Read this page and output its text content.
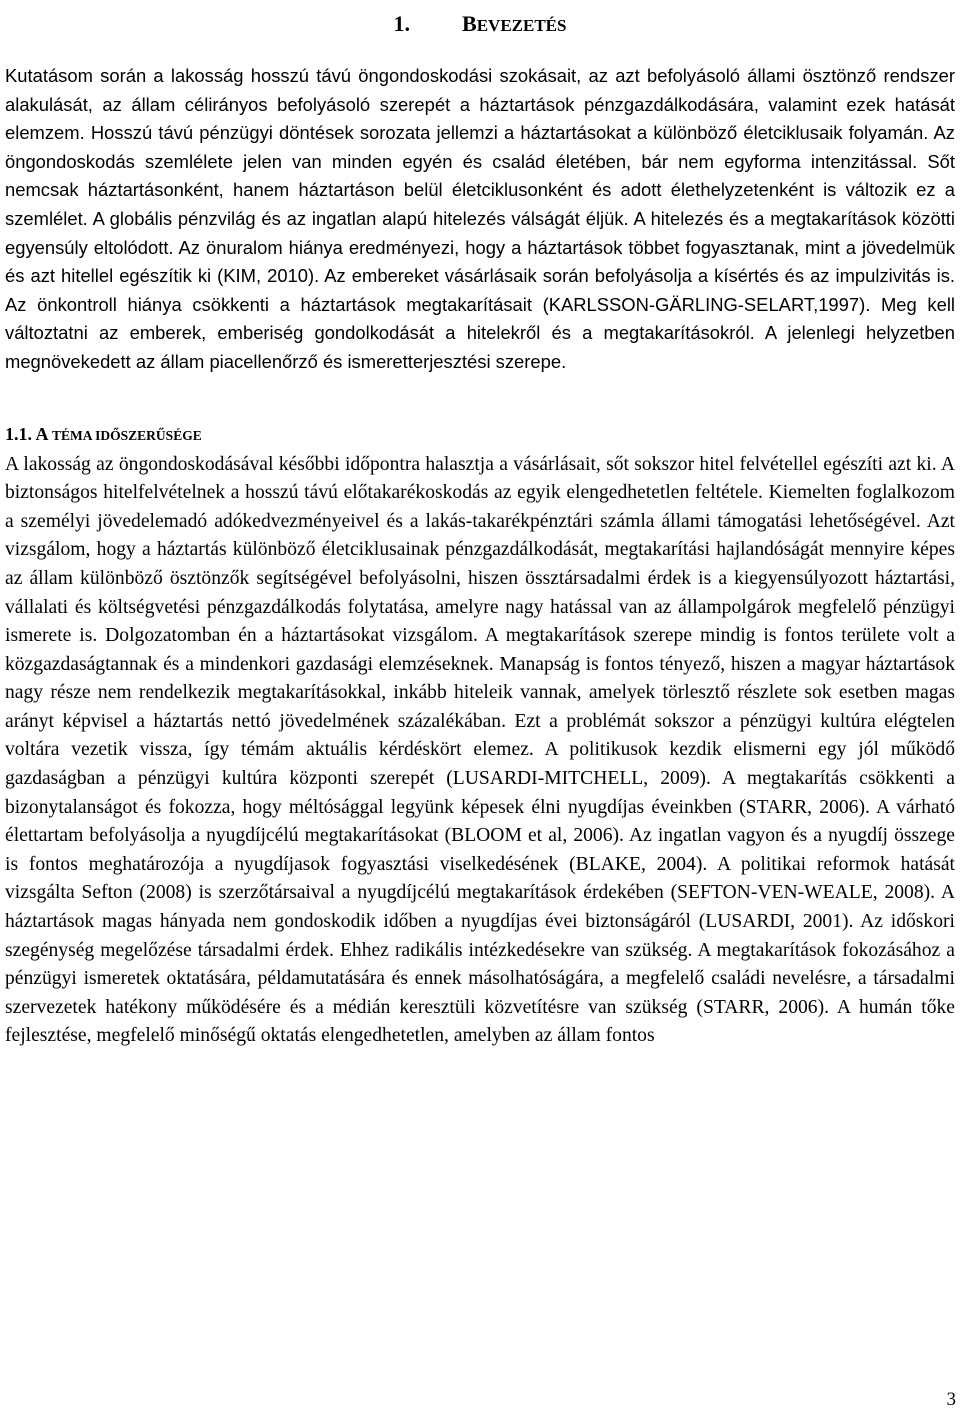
1. BEVEZETÉS

Kutatásom során a lakosság hosszú távú öngondoskodási szokásait, az azt befolyásoló állami ösztönző rendszer alakulását, az állam célirányos befolyásoló szerepét a háztartások pénzgazdálkodására, valamint ezek hatását elemzem. Hosszú távú pénzügyi döntések sorozata jellemzi a háztartásokat a különböző életciklusaik folyamán. Az öngondoskodás szemlélete jelen van minden egyén és család életében, bár nem egyforma intenzitással. Sőt nemcsak háztartásonként, hanem háztartáson belül életciklusonként és adott élethelyzetenként is változik ez a szemlélet. A globális pénzvilág és az ingatlan alapú hitelezés válságát éljük. A hitelezés és a megtakarítások közötti egyensúly eltolódott. Az önuralom hiánya eredményezi, hogy a háztartások többet fogyasztanak, mint a jövedelmük és azt hitellel egészítik ki (KIM, 2010). Az embereket vásárlásaik során befolyásolja a kísértés és az impulzivitás is. Az önkontroll hiánya csökkenti a háztartások megtakarításait (KARLSSON-GÄRLING-SELART,1997). Meg kell változtatni az emberek, emberiség gondolkodását a hitelekről és a megtakarításokról. A jelenlegi helyzetben megnövekedett az állam piacellenőrző és ismeretterjesztési szerepe.

1.1. A TÉMA IDŐSZERŰSÉGE

A lakosság az öngondoskodásával későbbi időpontra halasztja a vásárlásait, sőt sokszor hitel felvétellel egészíti azt ki. A biztonságos hitelfelvételnek a hosszú távú előtakarékoskodás az egyik elengedhetetlen feltétele. Kiemelten foglalkozom a személyi jövedelemadó adókedvezményeivel és a lakás-takarékpénztári számla állami támogatási lehetőségével. Azt vizsgálom, hogy a háztartás különböző életciklusainak pénzgazdálkodását, megtakarítási hajlandóságát mennyire képes az állam különböző ösztönzők segítségével befolyásolni, hiszen össztársadalmi érdek is a kiegyensúlyozott háztartási, vállalati és költségvetési pénzgazdálkodás folytatása, amelyre nagy hatással van az állampolgárok megfelelő pénzügyi ismerete is. Dolgozatomban én a háztartásokat vizsgálom. A megtakarítások szerepe mindig is fontos területe volt a közgazdaságtannak és a mindenkori gazdasági elemzéseknek. Manapság is fontos tényező, hiszen a magyar háztartások nagy része nem rendelkezik megtakarításokkal, inkább hiteleik vannak, amelyek törlesztő részlete sok esetben magas arányt képvisel a háztartás nettó jövedelmének százalékában. Ezt a problémát sokszor a pénzügyi kultúra elégtelen voltára vezetik vissza, így témám aktuális kérdéskört elemez. A politikusok kezdik elismerni egy jól működő gazdaságban a pénzügyi kultúra központi szerepét (LUSARDI-MITCHELL, 2009). A megtakarítás csökkenti a bizonytalanságot és fokozza, hogy méltósággal legyünk képesek élni nyugdíjas éveinkben (STARR, 2006). A várható élettartam befolyásolja a nyugdíjcélú megtakarításokat (BLOOM et al, 2006). Az ingatlan vagyon és a nyugdíj összege is fontos meghatározója a nyugdíjasok fogyasztási viselkedésének (BLAKE, 2004). A politikai reformok hatását vizsgálta Sefton (2008) is szerzőtársaival a nyugdíjcélú megtakarítások érdekében (SEFTON-VEN-WEALE, 2008). A háztartások magas hányada nem gondoskodik időben a nyugdíjas évei biztonságáról (LUSARDI, 2001). Az időskori szegénység megelőzése társadalmi érdek. Ehhez radikális intézkedésekre van szükség. A megtakarítások fokozásához a pénzügyi ismeretek oktatására, példamutatására és ennek másolhatóságára, a megfelelő családi nevelésre, a társadalmi szervezetek hatékony működésére és a médián keresztüli közvetítésre van szükség (STARR, 2006). A humán tőke fejlesztése, megfelelő minőségű oktatás elengedhetetlen, amelyben az állam fontos

3
